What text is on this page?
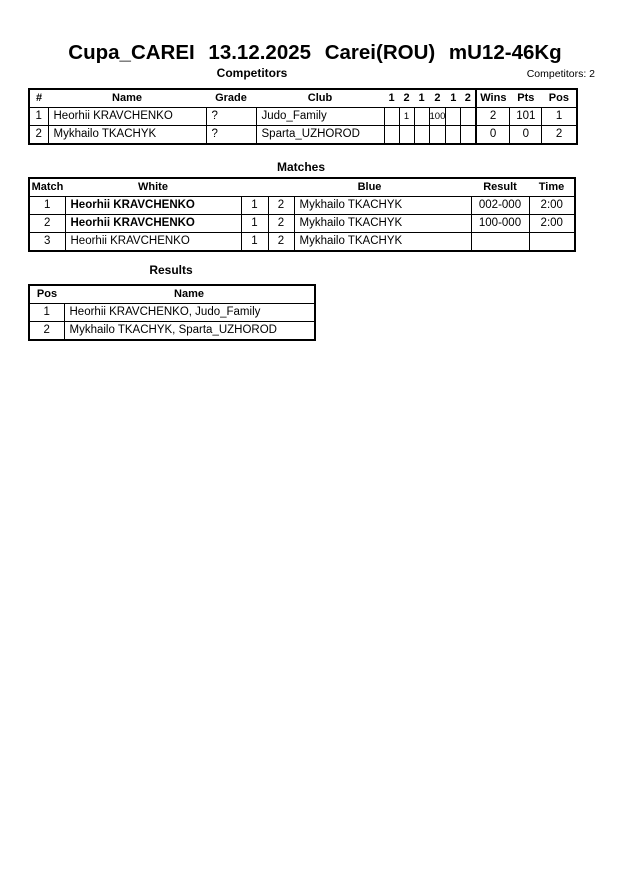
Cupa_CAREI 13.12.2025 Carei(ROU) mU12-46Kg
Competitors	Competitors: 2
#	Name	Grade	Club	1	2	1	2	1	2	Wins	Pts	Pos
1	Heorhii KRAVCHENKO	?	Judo_Family		1		100			2	101	1
2	Mykhailo TKACHYK	?	Sparta_UZHOROD							0	0	2
Matches
Match	White		Blue		Result	Time
1	Heorhii KRAVCHENKO	1	2	Mykhailo TKACHYK	002-000	2:00
2	Heorhii KRAVCHENKO	1	2	Mykhailo TKACHYK	100-000	2:00
3	Heorhii KRAVCHENKO	1	2	Mykhailo TKACHYK		
Results
Pos	Name
1	Heorhii KRAVCHENKO, Judo_Family
2	Mykhailo TKACHYK, Sparta_UZHOROD
